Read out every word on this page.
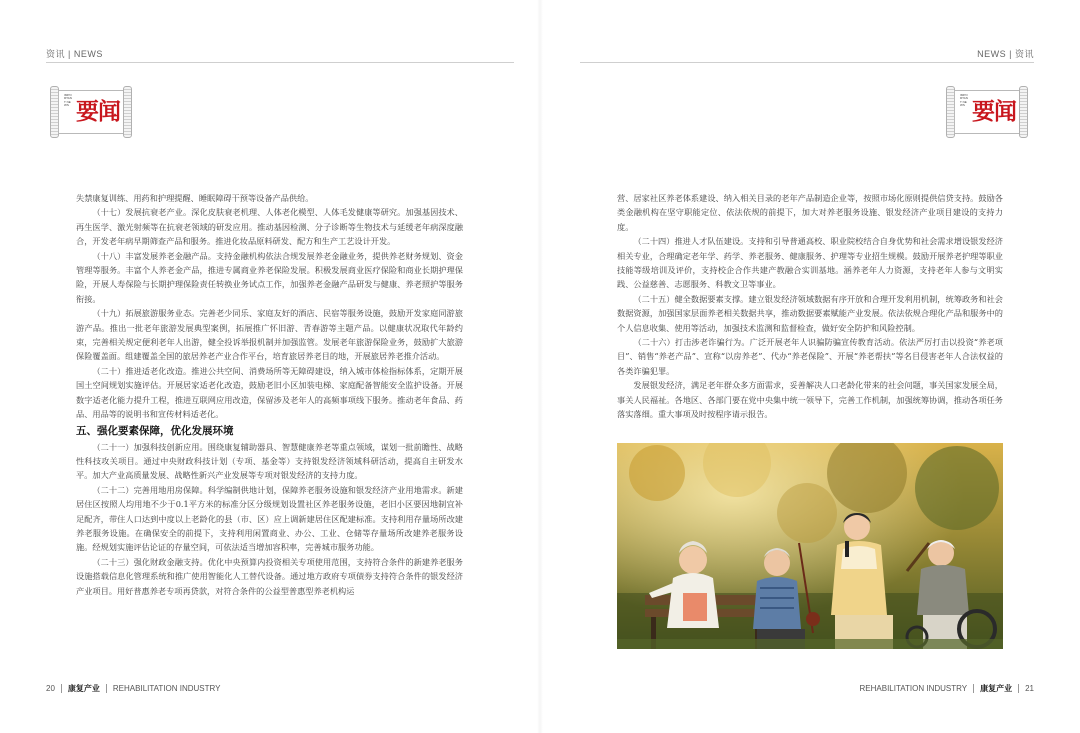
资讯 | NEWS	NEWS | 资讯
IMPORTANT NEWS 要闻
IMPORTANT NEWS 要闻

失禁康复训练、用药和护理提醒、睡眠障碍干预等设备产品供给。

（十七）发展抗衰老产业。深化皮肤衰老机理、人体老化模型、人体毛发健康等研究。加强基因技术、再生医学、激光射频等在抗衰老领域的研发应用。推动基因检测、分子诊断等生物技术与延缓老年病深度融合，开发老年病早期筛查产品和服务。推进化妆品原料研发、配方和生产工艺设计开发。

（十八）丰富发展养老金融产品。支持金融机构依法合规发展养老金融业务，提供养老财务规划、资金管理等服务。丰富个人养老金产品，推进专属商业养老保险发展。积极发展商业医疗保险和商业长期护理保险，开展人寿保险与长期护理保险责任转换业务试点工作，加强养老金融产品研发与健康、养老照护等服务衔接。

（十九）拓展旅游服务业态。完善老少同乐、家庭友好的酒店、民宿等服务设施，鼓励开发家庭同游旅游产品。推出一批老年旅游发展典型案例，拓展推广怀旧游、青春游等主题产品。以健康状况取代年龄约束，完善相关规定便利老年人出游，健全投诉举报机制并加强监管。发展老年旅游保险业务，鼓励扩大旅游保险覆盖面。组建覆盖全国的旅居养老产业合作平台，培育旅居养老目的地，开展旅居养老推介活动。

（二十）推进适老化改造。推进公共空间、消费场所等无障碍建设，纳入城市体检指标体系，定期开展国土空间规划实施评估。开展居家适老化改造，鼓励老旧小区加装电梯、家庭配备智能安全监护设备。开展数字适老化能力提升工程，推进互联网应用改造，保留涉及老年人的高频事项线下服务。推动老年食品、药品、用品等的说明书和宣传材料适老化。

五、强化要素保障，优化发展环境

（二十一）加强科技创新应用。围绕康复辅助器具、智慧健康养老等重点领域，谋划一批前瞻性、战略性科技攻关项目。通过中央财政科技计划（专项、基金等）支持银发经济领域科研活动，提高自主研发水平。加大产业高质量发展、战略性新兴产业发展等专项对银发经济的支持力度。

（二十二）完善用地用房保障。科学编制供地计划，保障养老服务设施和银发经济产业用地需求。新建居住区按照人均用地不少于0.1平方米的标准分区分级规划设置社区养老服务设施，老旧小区要因地制宜补足配齐，带住人口达到中度以上老龄化的县（市、区）应上调新建居住区配建标准。支持利用存量场所改建养老服务设施。在确保安全的前提下，支持利用闲置商业、办公、工业、仓储等存量场所改建养老服务设施。经规划实施评估论证的存量空间，可依法适当增加容积率，完善城市服务功能。

（二十三）强化财政金融支持。优化中央预算内投资相关专项使用范围，支持符合条件的新建养老服务设施搭载信息化管理系统和推广使用智能化人工替代设备。通过地方政府专项债券支持符合条件的银发经济产业项目。用好普惠养老专项再贷款，对符合条件的公益型普惠型养老机构运

营、居家社区养老体系建设、纳入相关目录的老年产品制造企业等，按照市场化原则提供信贷支持。鼓励各类金融机构在坚守职能定位、依法依规的前提下，加大对养老服务设施、银发经济产业项目建设的支持力度。

（二十四）推进人才队伍建设。支持和引导普通高校、职业院校结合自身优势和社会需求增设银发经济相关专业，合理确定老年学、药学、养老服务、健康服务、护理等专业招生规模。鼓励开展养老护理等职业技能等级培训及评价，支持校企合作共建产教融合实训基地。涵养老年人力资源，支持老年人参与文明实践、公益慈善、志愿服务、科教文卫等事业。

（二十五）健全数据要素支撑。建立银发经济领域数据有序开放和合理开发利用机制，统筹政务和社会数据资源，加强国家层面养老相关数据共享，推动数据要素赋能产业发展。依法依规合理化产品和服务中的个人信息收集、使用等活动，加强技术监测和监督检查，做好安全防护和风险控制。

（二十六）打击涉老诈骗行为。广泛开展老年人识骗防骗宣传教育活动。依法严厉打击以投资“养老项目”、销售“养老产品”、宣称“以房养老”、代办“养老保险”、开展“养老帮扶”等名目侵害老年人合法权益的各类诈骗犯罪。

发展银发经济，满足老年群众多方面需求，妥善解决人口老龄化带来的社会问题，事关国家发展全局，事关人民福祉。各地区、各部门要在党中央集中统一领导下，完善工作机制，加强统筹协调，推动各项任务落实落细。重大事项及时按程序请示报告。

20 康复产业 REHABILITATION INDUSTRY	REHABILITATION INDUSTRY 康复产业 21
